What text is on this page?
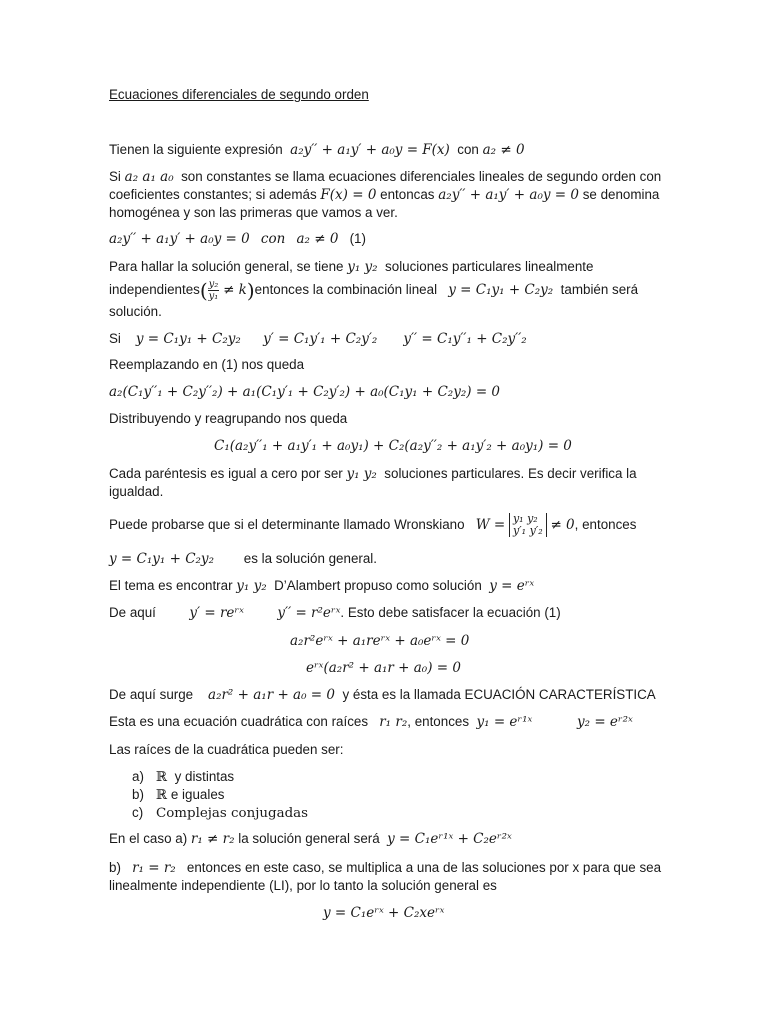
Ecuaciones diferenciales de segundo orden
Tienen la siguiente expresión a₂y′′ + a₁y′ + a₀y = F(x) con a₂ ≠ 0
Si a₂ a₁ a₀ son constantes se llama ecuaciones diferenciales lineales de segundo orden con
coeficientes constantes; si además F(x) = 0 entoncas a₂y′′ + a₁y′ + a₀y = 0 se denomina
homogénea y son las primeras que vamos a ver.
a₂y′′ + a₁y′ + a₀y = 0 con a₂ ≠ 0 (1)
Para hallar la solución general, se tiene y₁ y₂ soluciones particulares linealmente
independientes( $\frac{\text{y₂}}{\text{y₁}}$ ≠ k)entonces la combinación lineal y = C₁y₁ + C₂y₂ también será
solución.
Si y = C₁y₁ + C₂y₂ y′ = C₁y′₁ + C₂y′₂ y′′ = C₁y′′₁ + C₂y′′₂
Reemplazando en (1) nos queda
a₂(C₁y′′₁ + C₂y′′₂) + a₁(C₁y′₁ + C₂y′₂) + a₀(C₁y₁ + C₂y₂) = 0
Distribuyendo y reagrupando nos queda
C₁(a₂y′′₁ + a₁y′₁ + a₀y₁) + C₂(a₂y′′₂ + a₁y′₂ + a₀y₁) = 0
Cada paréntesis es igual a cero por ser y₁ y₂ soluciones particulares. Es decir verifica la
igualdad.
Puede probarse que si el determinante llamado Wronskiano W = y₁ y₂
y′₁ y′₂ ≠ 0, entonces
y = C₁y₁ + C₂y₂ es la solución general.
El tema es encontrar y₁ y₂ D’Alambert propuso como solución y = eʳˣ
De aquí y′ = reʳˣ y′′ = r²eʳˣ. Esto debe satisfacer la ecuación (1)
a₂r²eʳˣ + a₁reʳˣ + a₀eʳˣ = 0
eʳˣ(a₂r² + a₁r + a₀) = 0
De aquí surge a₂r² + a₁r + a₀ = 0 y ésta es la llamada ECUACIÓN CARACTERÍSTICA
Esta es una ecuación cuadrática con raíces r₁ r₂, entonces y₁ = eʳ¹ˣ	y₂ = eʳ²ˣ
Las raíces de la cuadrática pueden ser:
a) ℝ y distintas
b) ℝ e iguales
c) Complejas conjugadas
En el caso a) r₁ ≠ r₂ la solución general será y = C₁eʳ¹ˣ + C₂eʳ²ˣ
b) r₁ = r₂ entonces en este caso, se multiplica a una de las soluciones por x para que sea
linealmente independiente (LI), por lo tanto la solución general es
y = C₁eʳˣ + C₂xeʳˣ
